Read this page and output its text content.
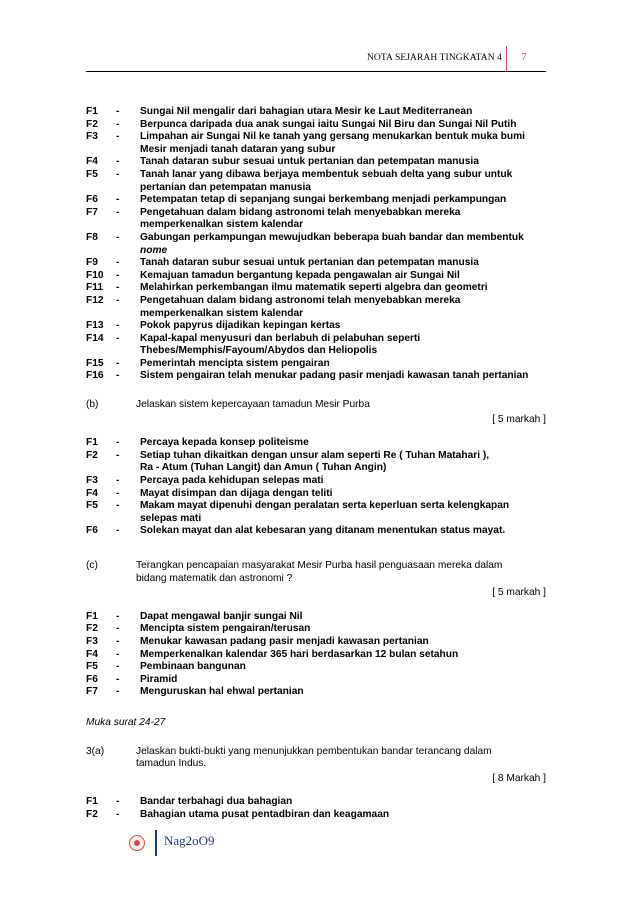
NOTA SEJARAH TINGKATAN 4	7
F1	-	Sungai Nil mengalir dari bahagian utara Mesir ke Laut Mediterranean
F2	-	Berpunca daripada dua anak sungai iaitu Sungai Nil Biru dan Sungai Nil Putih
F3	-	Limpahan air Sungai Nil ke tanah yang gersang menukarkan bentuk muka bumi
Mesir menjadi tanah dataran yang subur
F4	-	Tanah dataran subur sesuai untuk pertanian dan petempatan manusia
F5	-	Tanah lanar yang dibawa berjaya membentuk sebuah delta yang subur untuk
pertanian dan petempatan manusia
F6	-	Petempatan tetap di sepanjang sungai berkembang menjadi perkampungan
F7	-	Pengetahuan dalam bidang astronomi telah menyebabkan mereka
memperkenalkan sistem kalendar
F8	-	Gabungan perkampungan mewujudkan beberapa buah bandar dan membentuk
nome
F9	-	Tanah dataran subur sesuai untuk pertanian dan petempatan manusia
F10	-	Kemajuan tamadun bergantung kepada pengawalan air Sungai Nil
F11	-	Melahirkan perkembangan ilmu matematik seperti algebra dan geometri
F12	-	Pengetahuan dalam bidang astronomi telah menyebabkan mereka
memperkenalkan sistem kalendar
F13	-	Pokok papyrus dijadikan kepingan kertas
F14	-	Kapal-kapal menyusuri dan berlabuh di pelabuhan seperti
Thebes/Memphis/Fayoum/Abydos dan Heliopolis
F15	-	Pemerintah mencipta sistem pengairan
F16	-	Sistem pengairan telah menukar padang pasir menjadi kawasan tanah pertanian
(b)	Jelaskan sistem kepercayaan tamadun Mesir Purba
[ 5 markah ]
F1	-	Percaya kepada konsep politeisme
F2	-	Setiap tuhan dikaitkan dengan unsur alam seperti Re ( Tuhan Matahari ),
Ra - Atum (Tuhan Langit) dan Amun ( Tuhan Angin)
F3	-	Percaya pada kehidupan selepas mati
F4	-	Mayat disimpan dan dijaga dengan teliti
F5	-	Makam mayat dipenuhi dengan peralatan serta keperluan serta kelengkapan
selepas mati
F6	-	Solekan mayat dan alat kebesaran yang ditanam menentukan status mayat.
(c)	Terangkan pencapaian masyarakat Mesir Purba hasil penguasaan mereka dalam
bidang matematik dan astronomi ?
[ 5 markah ]
F1	-	Dapat mengawal banjir sungai Nil
F2	-	Mencipta sistem pengairan/terusan
F3	-	Menukar kawasan padang pasir menjadi kawasan pertanian
F4	-	Memperkenalkan kalendar 365 hari berdasarkan 12 bulan setahun
F5	-	Pembinaan bangunan
F6	-	Piramid
F7	-	Menguruskan hal ehwal pertanian
Muka surat 24-27
3(a)	Jelaskan bukti-bukti yang menunjukkan pembentukan bandar terancang dalam
tamadun Indus.
[ 8 Markah ]
F1	-	Bandar terbahagi dua bahagian
F2	-	Bahagian utama pusat pentadbiran dan keagamaan
Nag2oO9
